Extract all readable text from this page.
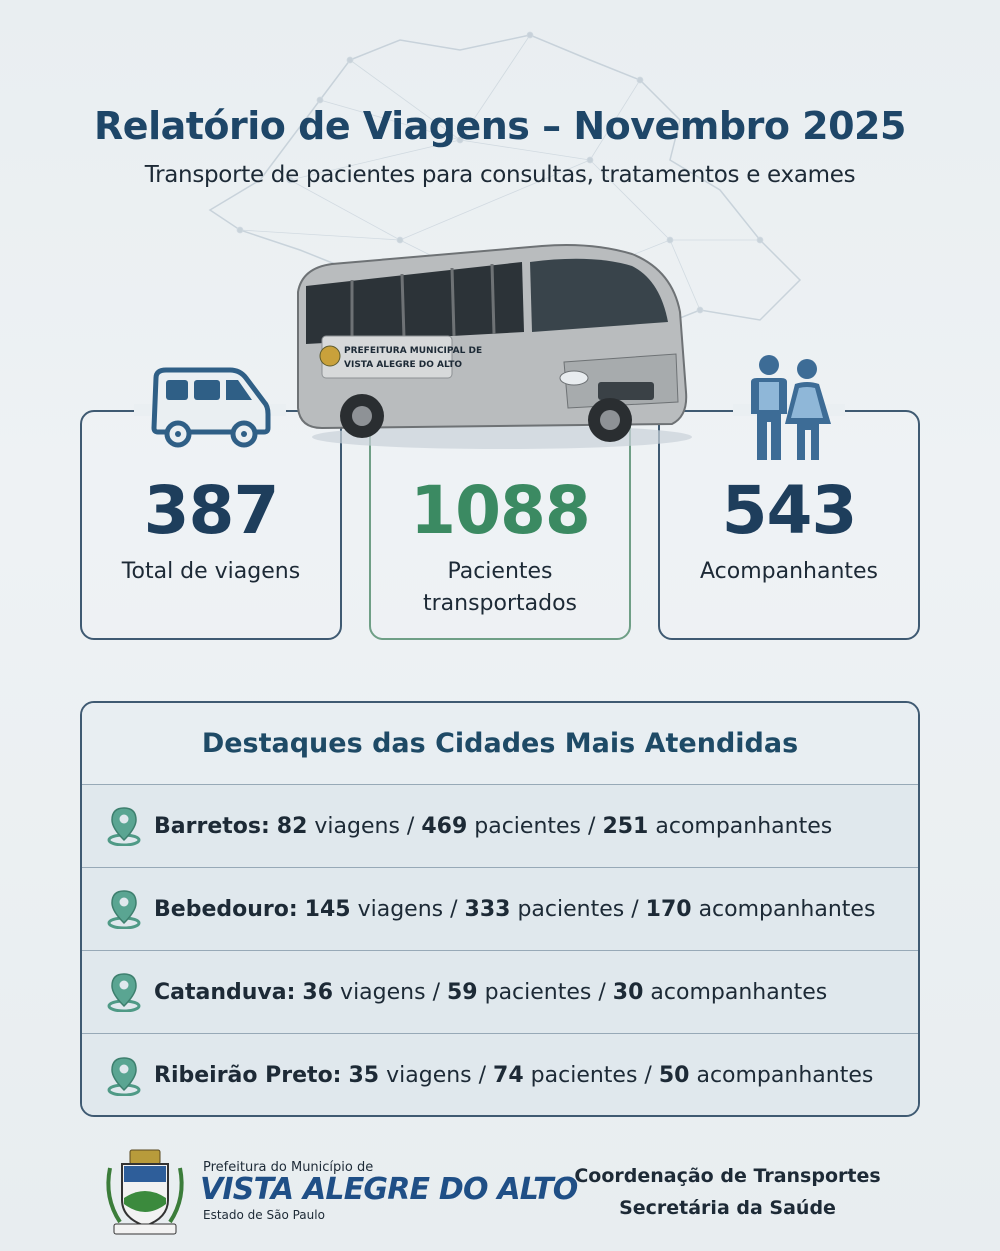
Relatório de Viagens – Novembro 2025

Transporte de pacientes para consultas, tratamentos e exames

387
Total de viagens
1088
Pacientes transportados
543
Acompanhantes
PREFEITURA MUNICIPAL DE
VISTA ALEGRE DO ALTO
Destaques das Cidades Mais Atendidas
Barretos: 82 viagens / 469 pacientes / 251 acompanhantes
Bebedouro: 145 viagens / 333 pacientes / 170 acompanhantes
Catanduva: 36 viagens / 59 pacientes / 30 acompanhantes
Ribeirão Preto: 35 viagens / 74 pacientes / 50 acompanhantes
Prefeitura do Município de
VISTA ALEGRE DO ALTO
Estado de São Paulo
Coordenação de Transportes
Secretária da Saúde
